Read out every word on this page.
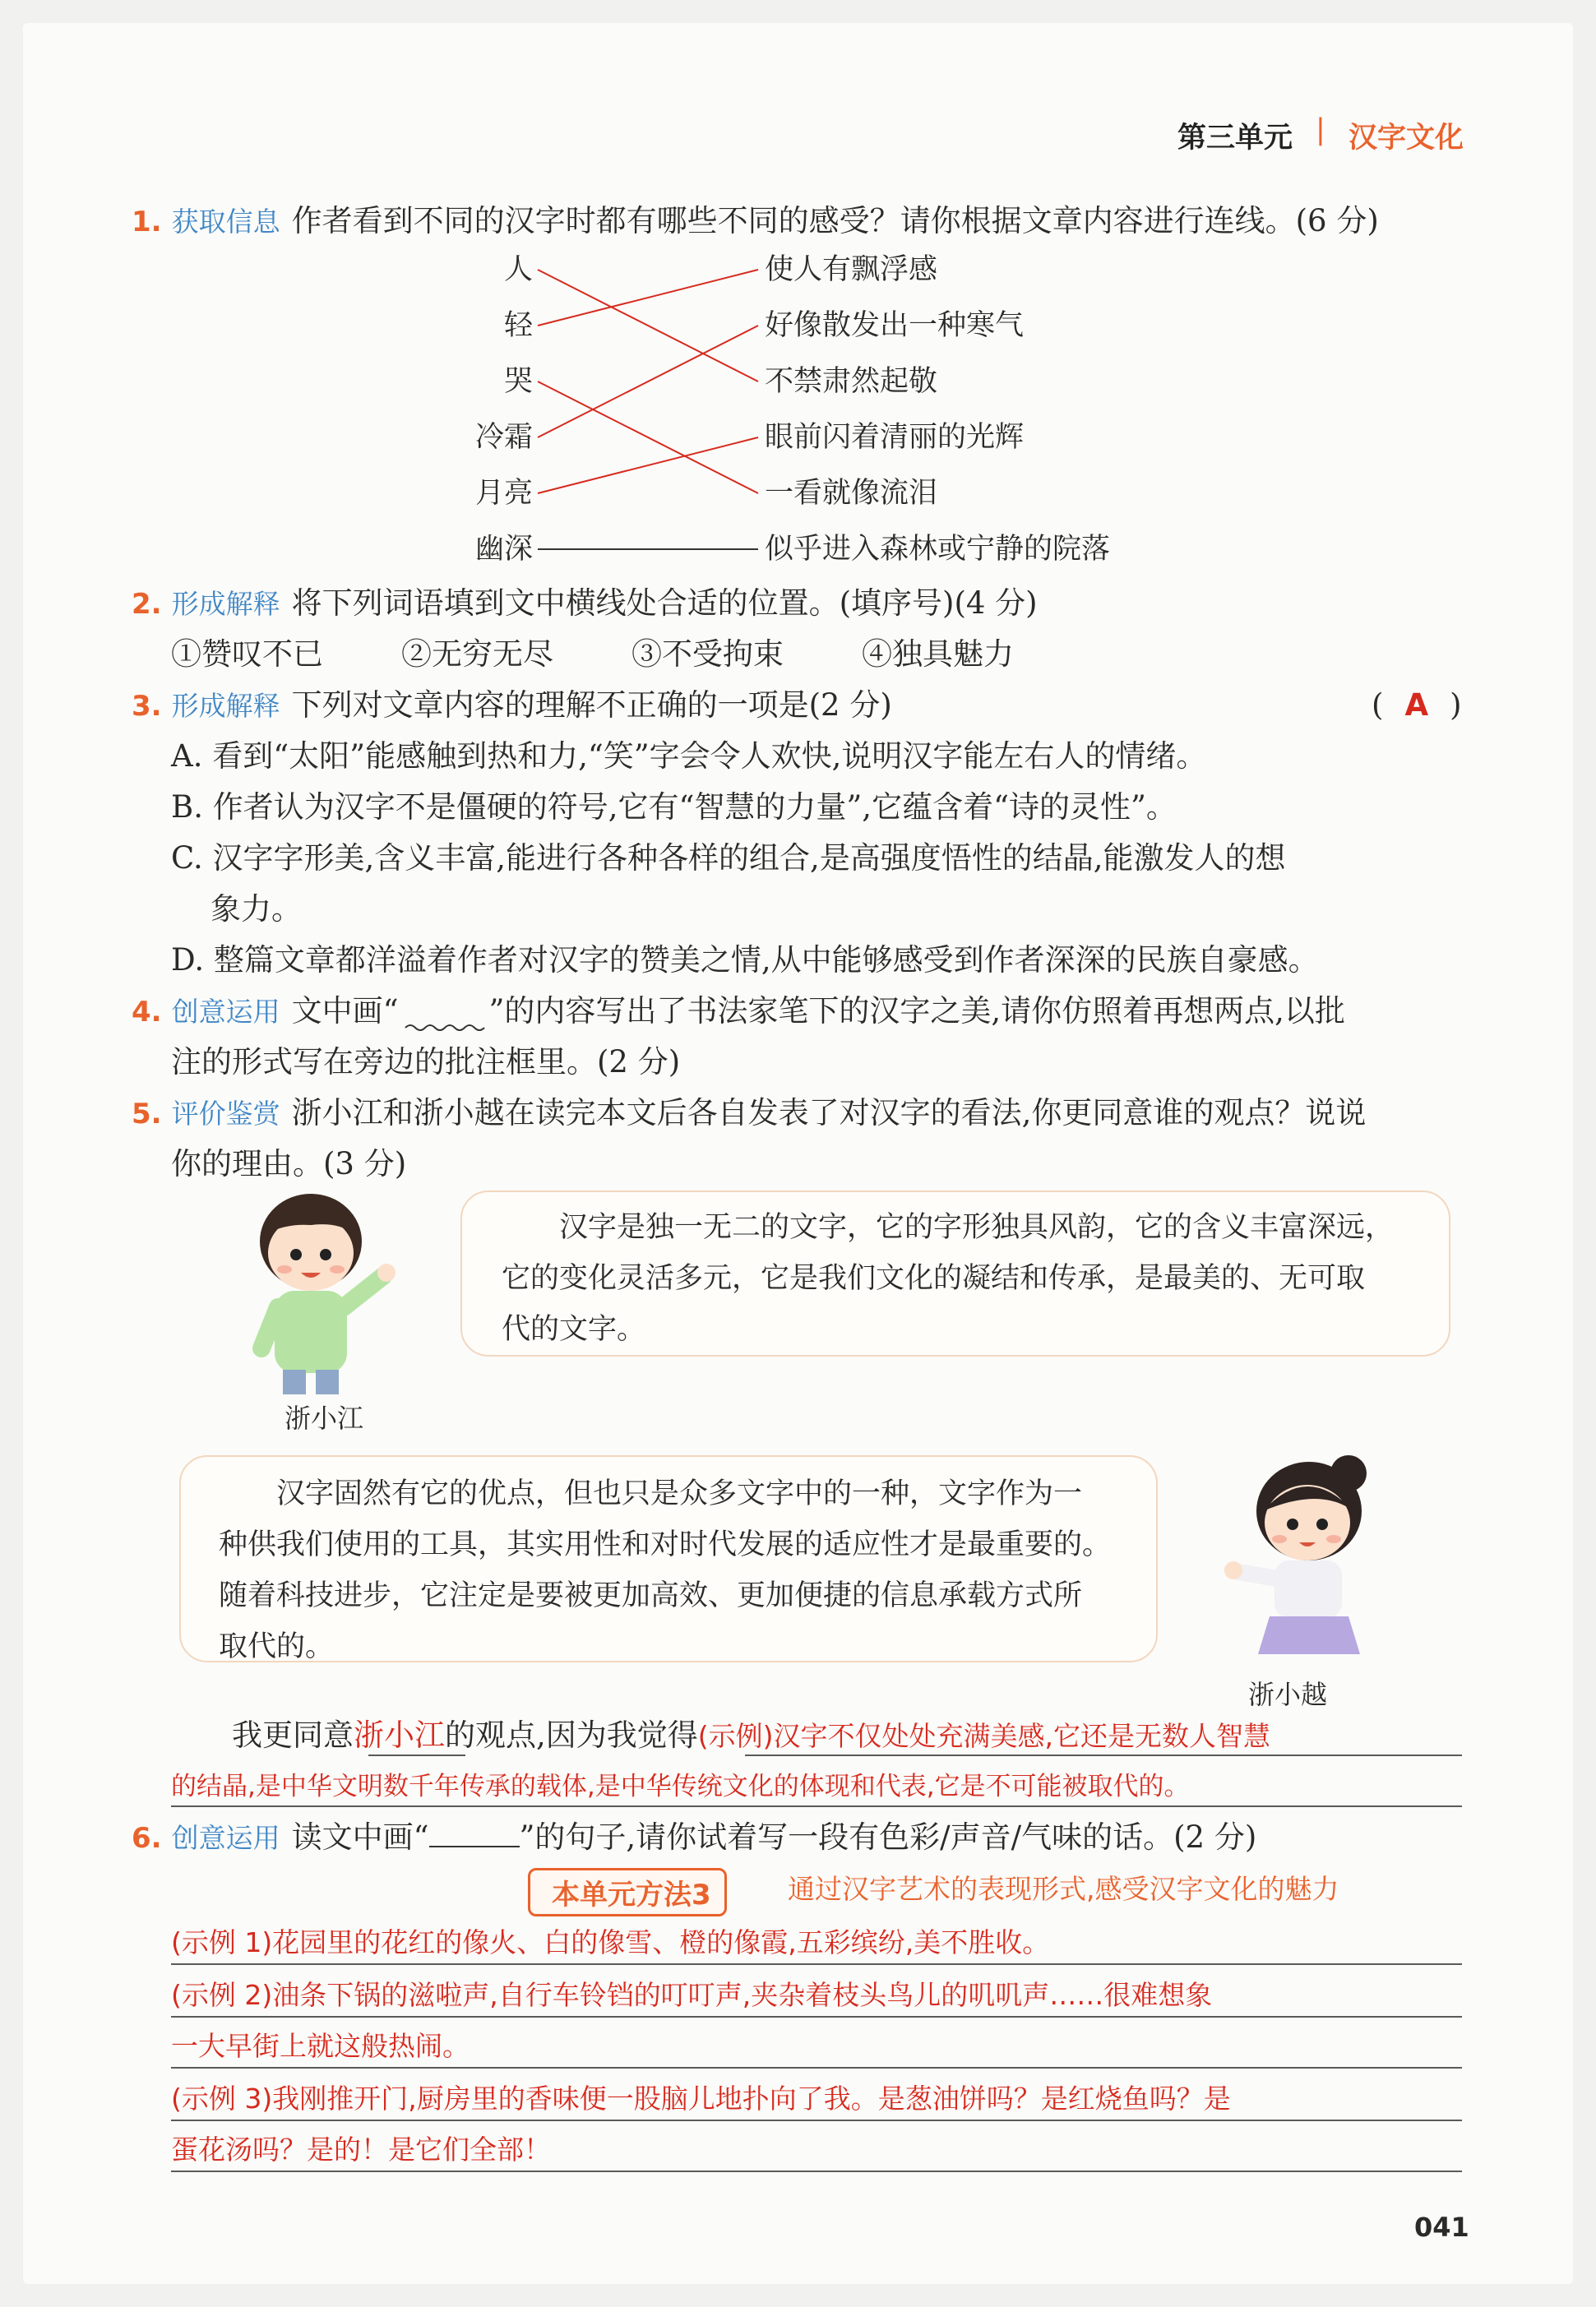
第三单元 | 汉字文化
1. 获取信息 作者看到不同的汉字时都有哪些不同的感受？请你根据文章内容进行连线。(6 分)
人
轻
哭
冷霜
月亮
幽深
使人有飘浮感
好像散发出一种寒气
不禁肃然起敬
眼前闪着清丽的光辉
一看就像流泪
似乎进入森林或宁静的院落
2. 形成解释 将下列词语填到文中横线处合适的位置。(填序号)(4 分)
①赞叹不已	②无穷无尽	③不受拘束	④独具魅力
3. 形成解释 下列对文章内容的理解不正确的一项是(2 分)	( A )
A. 看到“太阳”能感触到热和力,“笑”字会令人欢快,说明汉字能左右人的情绪。
B. 作者认为汉字不是僵硬的符号,它有“智慧的力量”,它蕴含着“诗的灵性”。
C. 汉字字形美,含义丰富,能进行各种各样的组合,是高强度悟性的结晶,能激发人的想
象力。
D. 整篇文章都洋溢着作者对汉字的赞美之情,从中能够感受到作者深深的民族自豪感。
4. 创意运用 文中画“	”的内容写出了书法家笔下的汉字之美,请你仿照着再想两点,以批
注的形式写在旁边的批注框里。(2 分)
5. 评价鉴赏 浙小江和浙小越在读完本文后各自发表了对汉字的看法,你更同意谁的观点？说说
你的理由。(3 分)
浙小江

汉字是独一无二的文字，它的字形独具风韵，它的含义丰富深远，

它的变化灵活多元，它是我们文化的凝结和传承，是最美的、无可取

代的文字。

汉字固然有它的优点，但也只是众多文字中的一种，文字作为一

种供我们使用的工具，其实用性和对时代发展的适应性才是最重要的。

随着科技进步，它注定是要被更加高效、更加便捷的信息承载方式所

取代的。

浙小越
我更同意浙小江的观点,因为我觉得(示例)汉字不仅处处充满美感,它还是无数人智慧
的结晶,是中华文明数千年传承的载体,是中华传统文化的体现和代表,它是不可能被取代的。
6. 创意运用 读文中画“	”的句子,请你试着写一段有色彩/声音/气味的话。(2 分)
本单元方法3	通过汉字艺术的表现形式,感受汉字文化的魅力
(示例 1)花园里的花红的像火、白的像雪、橙的像霞,五彩缤纷,美不胜收。
(示例 2)油条下锅的滋啦声,自行车铃铛的叮叮声,夹杂着枝头鸟儿的叽叽声……很难想象
一大早街上就这般热闹。
(示例 3)我刚推开门,厨房里的香味便一股脑儿地扑向了我。是葱油饼吗？是红烧鱼吗？是
蛋花汤吗？是的！是它们全部！
041
